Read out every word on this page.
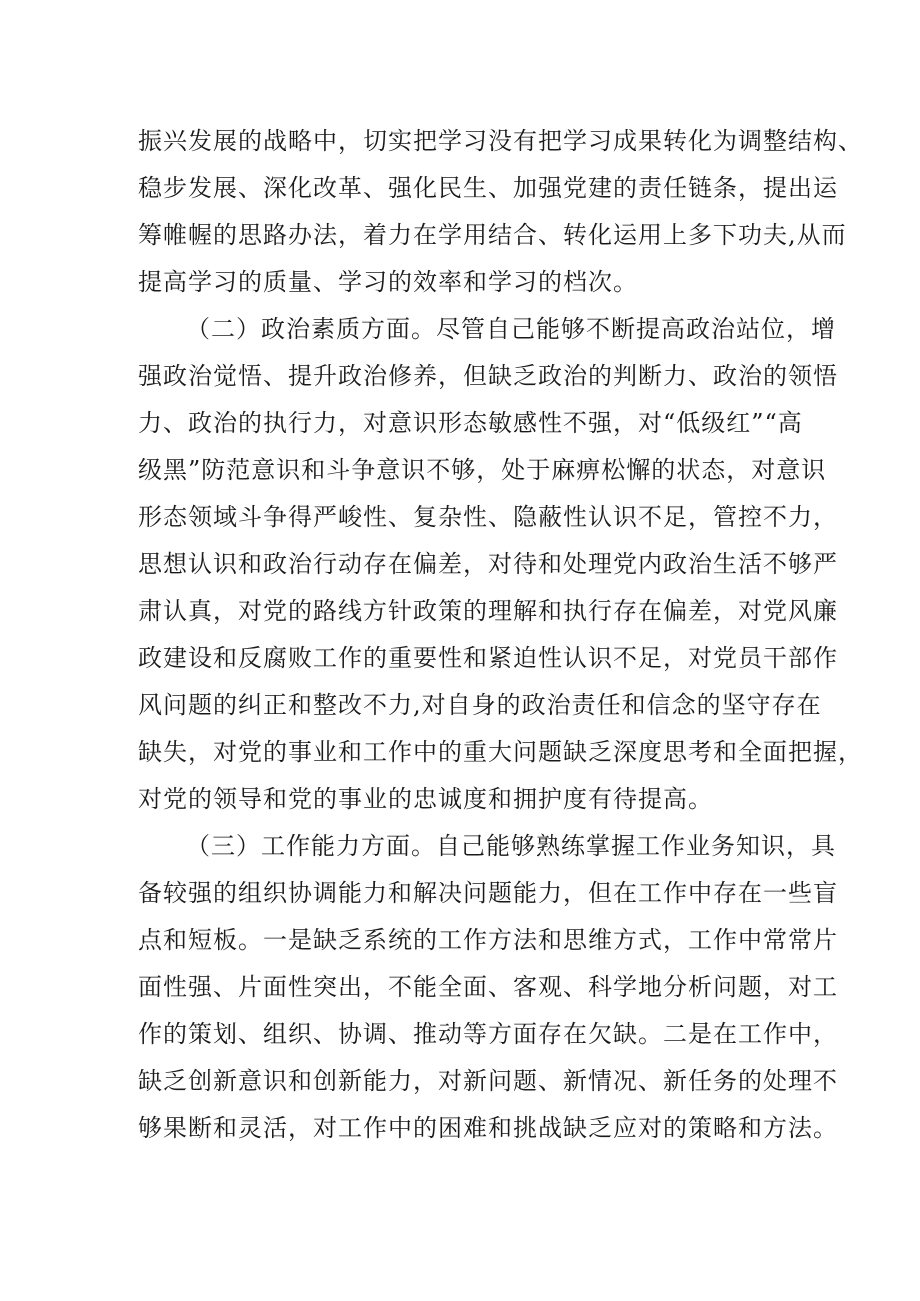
振兴发展的战略中，切实把学习没有把学习成果转化为调整结构、
稳步发展、深化改革、强化民生、加强党建的责任链条，提出运
筹帷幄的思路办法，着力在学用结合、转化运用上多下功夫,从而
提高学习的质量、学习的效率和学习的档次。
（二）政治素质方面。尽管自己能够不断提高政治站位，增
强政治觉悟、提升政治修养，但缺乏政治的判断力、政治的领悟
力、政治的执行力，对意识形态敏感性不强，对“低级红”“高
级黑”防范意识和斗争意识不够，处于麻痹松懈的状态，对意识
形态领域斗争得严峻性、复杂性、隐蔽性认识不足，管控不力，
思想认识和政治行动存在偏差，对待和处理党内政治生活不够严
肃认真，对党的路线方针政策的理解和执行存在偏差，对党风廉
政建设和反腐败工作的重要性和紧迫性认识不足，对党员干部作
风问题的纠正和整改不力,对自身的政治责任和信念的坚守存在
缺失，对党的事业和工作中的重大问题缺乏深度思考和全面把握，
对党的领导和党的事业的忠诚度和拥护度有待提高。
（三）工作能力方面。自己能够熟练掌握工作业务知识，具
备较强的组织协调能力和解决问题能力，但在工作中存在一些盲
点和短板。一是缺乏系统的工作方法和思维方式，工作中常常片
面性强、片面性突出，不能全面、客观、科学地分析问题，对工
作的策划、组织、协调、推动等方面存在欠缺。二是在工作中，
缺乏创新意识和创新能力，对新问题、新情况、新任务的处理不
够果断和灵活，对工作中的困难和挑战缺乏应对的策略和方法。
